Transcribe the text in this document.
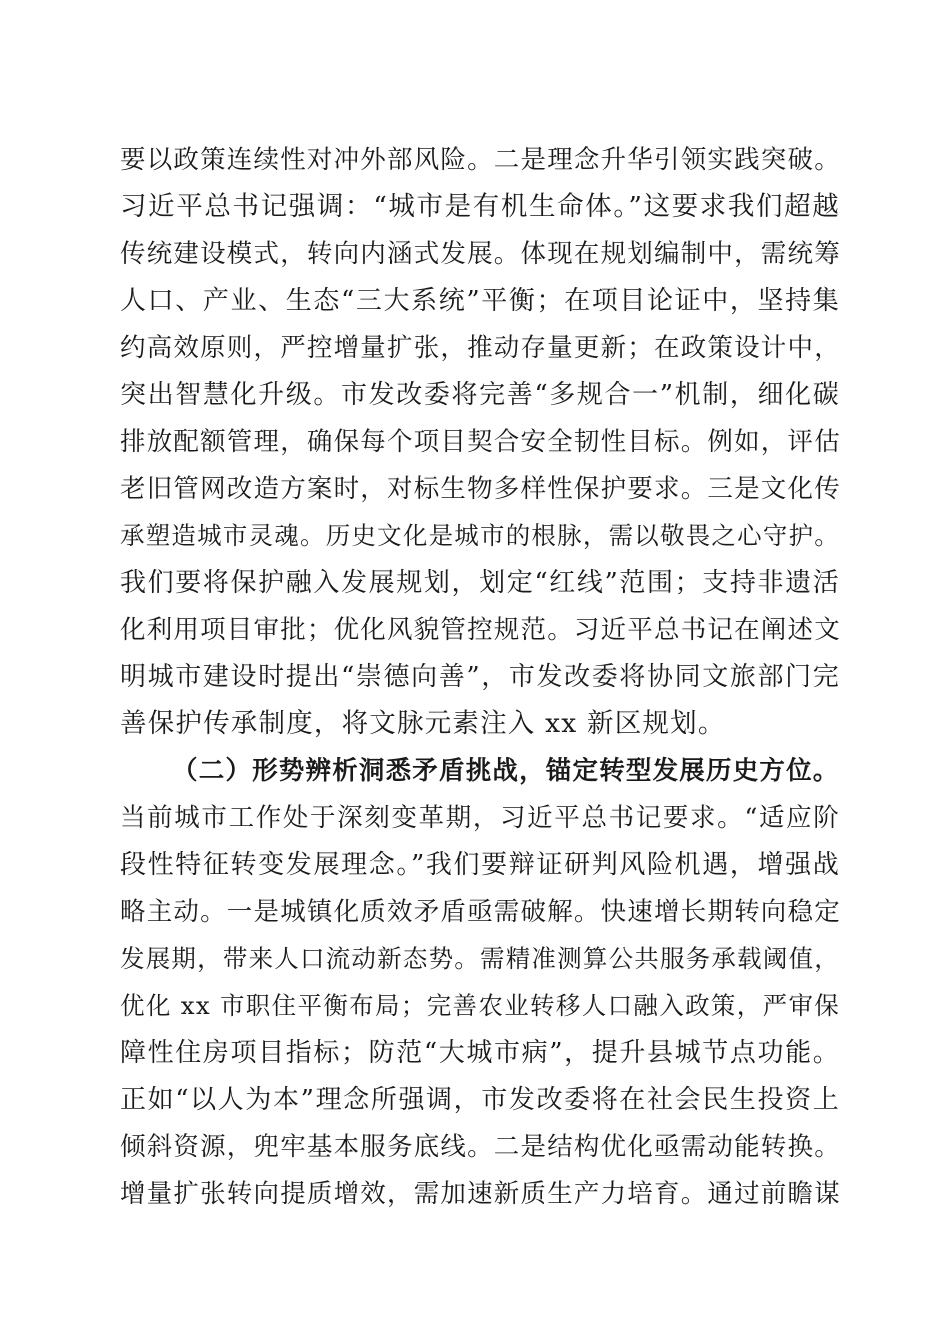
要以政策连续性对冲外部风险。二是理念升华引领实践突破。
习近平总书记强调：“城市是有机生命体。”这要求我们超越
传统建设模式，转向内涵式发展。体现在规划编制中，需统筹
人口、产业、生态“三大系统”平衡；在项目论证中，坚持集
约高效原则，严控增量扩张，推动存量更新；在政策设计中，
突出智慧化升级。市发改委将完善“多规合一”机制，细化碳
排放配额管理，确保每个项目契合安全韧性目标。例如，评估
老旧管网改造方案时，对标生物多样性保护要求。三是文化传
承塑造城市灵魂。历史文化是城市的根脉，需以敬畏之心守护。
我们要将保护融入发展规划，划定“红线”范围；支持非遗活
化利用项目审批；优化风貌管控规范。习近平总书记在阐述文
明城市建设时提出“崇德向善”，市发改委将协同文旅部门完
善保护传承制度，将文脉元素注入 xx 新区规划。
（二）形势辨析洞悉矛盾挑战，锚定转型发展历史方位。
当前城市工作处于深刻变革期，习近平总书记要求。“适应阶
段性特征转变发展理念。”我们要辩证研判风险机遇，增强战
略主动。一是城镇化质效矛盾亟需破解。快速增长期转向稳定
发展期，带来人口流动新态势。需精准测算公共服务承载阈值，
优化 xx 市职住平衡布局；完善农业转移人口融入政策，严审保
障性住房项目指标；防范“大城市病”，提升县城节点功能。
正如“以人为本”理念所强调，市发改委将在社会民生投资上
倾斜资源，兜牢基本服务底线。二是结构优化亟需动能转换。
增量扩张转向提质增效，需加速新质生产力培育。通过前瞻谋
